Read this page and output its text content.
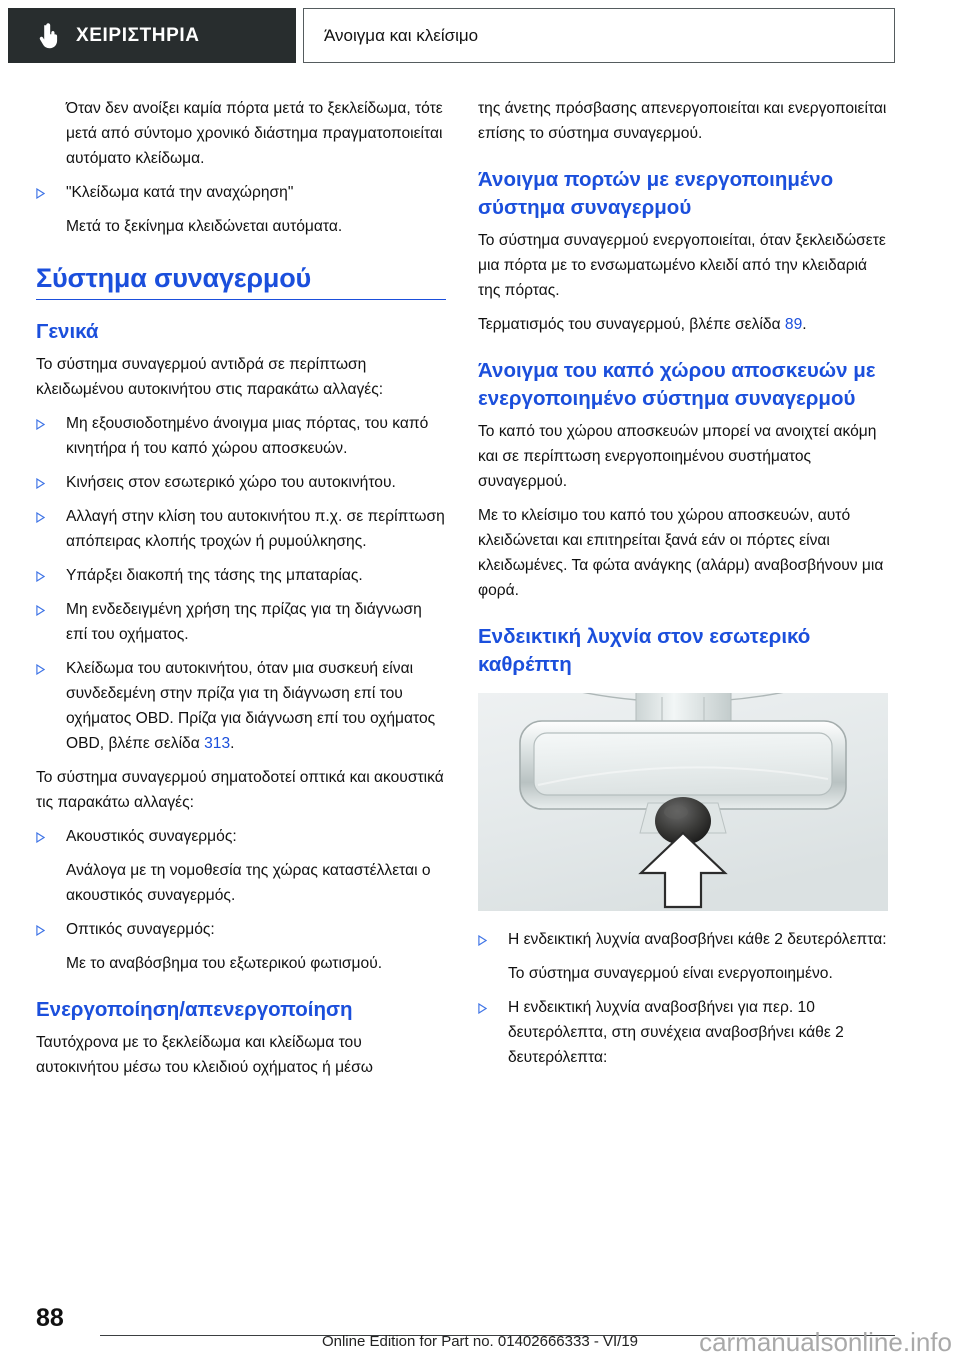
ΧΕΙΡΙΣΤΗΡΙΑ	Άνοιγμα και κλείσιμο

Όταν δεν ανοίξει καμία πόρτα μετά το ξεκλείδωμα, τότε μετά από σύντομο χρονικό διάστημα πραγματοποιείται αυτόματο κλείδωμα.

"Κλείδωμα κατά την αναχώρηση"

Μετά το ξεκίνημα κλειδώνεται αυτόματα.

Σύστημα συναγερμού
Γενικά

Το σύστημα συναγερμού αντιδρά σε περίπτωση κλειδωμένου αυτοκινήτου στις παρακάτω αλλαγές:

Μη εξουσιοδοτημένο άνοιγμα μιας πόρτας, του καπό κινητήρα ή του καπό χώρου αποσκευών.
Κινήσεις στον εσωτερικό χώρο του αυτοκινήτου.
Αλλαγή στην κλίση του αυτοκινήτου π.χ. σε περίπτωση απόπειρας κλοπής τροχών ή ρυμούλκησης.
Υπάρξει διακοπή της τάσης της μπαταρίας.
Μη ενδεδειγμένη χρήση της πρίζας για τη διάγνωση επί του οχήματος.
Κλείδωμα του αυτοκινήτου, όταν μια συσκευή είναι συνδεδεμένη στην πρίζα για τη διάγνωση επί του οχήματος OBD. Πρίζα για διάγνωση επί του οχήματος OBD, βλέπε σελίδα 313.

Το σύστημα συναγερμού σηματοδοτεί οπτικά και ακουστικά τις παρακάτω αλλαγές:

Ακουστικός συναγερμός:

Ανάλογα με τη νομοθεσία της χώρας καταστέλλεται ο ακουστικός συναγερμός.

Οπτικός συναγερμός:

Με το αναβόσβημα του εξωτερικού φωτισμού.

Ενεργοποίηση/απενεργοποίηση

Ταυτόχρονα με το ξεκλείδωμα και κλείδωμα του αυτοκινήτου μέσω του κλειδιού οχήματος ή μέσω

της άνετης πρόσβασης απενεργοποιείται και ενεργοποιείται επίσης το σύστημα συναγερμού.

Άνοιγμα πορτών με ενεργοποιημένο σύστημα συναγερμού

Το σύστημα συναγερμού ενεργοποιείται, όταν ξεκλειδώσετε μια πόρτα με το ενσωματωμένο κλειδί από την κλειδαριά της πόρτας.

Τερματισμός του συναγερμού, βλέπε σελίδα 89.

Άνοιγμα του καπό χώρου αποσκευών με ενεργοποιημένο σύστημα συναγερμού

Το καπό του χώρου αποσκευών μπορεί να ανοιχτεί ακόμη και σε περίπτωση ενεργοποιημένου συστήματος συναγερμού.

Με το κλείσιμο του καπό του χώρου αποσκευών, αυτό κλειδώνεται και επιτηρείται ξανά εάν οι πόρτες είναι κλειδωμένες. Τα φώτα ανάγκης (αλάρμ) αναβοσβήνουν μια φορά.

Ενδεικτική λυχνία στον εσωτερικό καθρέπτη
Η ενδεικτική λυχνία αναβοσβήνει κάθε 2 δευτερόλεπτα:

Το σύστημα συναγερμού είναι ενεργοποιημένο.

Η ενδεικτική λυχνία αναβοσβήνει για περ. 10 δευτερόλεπτα, στη συνέχεια αναβοσβήνει κάθε 2 δευτερόλεπτα:
88
Online Edition for Part no. 01402666333 - VI/19	carmanualsonline.info
